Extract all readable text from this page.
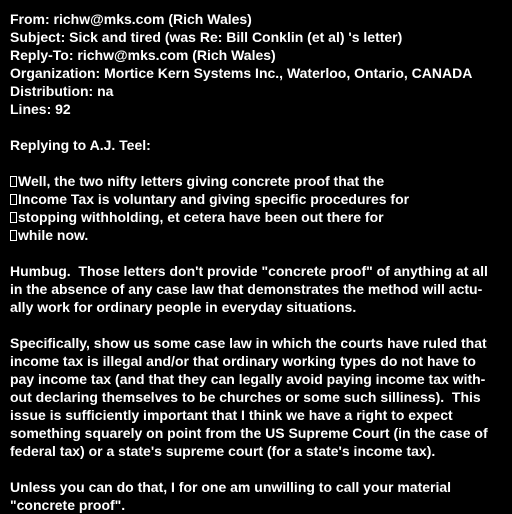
From: richw@mks.com (Rich Wales)
Subject: Sick and tired (was Re: Bill Conklin (et al) 's letter)
Reply-To: richw@mks.com (Rich Wales)
Organization: Mortice Kern Systems Inc., Waterloo, Ontario, CANADA
Distribution: na
Lines: 92
Replying to A.J. Teel:
Well, the two nifty letters giving concrete proof that the
Income Tax is voluntary and giving specific procedures for
stopping withholding, et cetera have been out there for
while now.
Humbug.  Those letters don't provide "concrete proof" of anything at all
in the absence of any case law that demonstrates the method will actu-
ally work for ordinary people in everyday situations.
Specifically, show us some case law in which the courts have ruled that
income tax is illegal and/or that ordinary working types do not have to
pay income tax (and that they can legally avoid paying income tax with-
out declaring themselves to be churches or some such silliness).  This
issue is sufficiently important that I think we have a right to expect
something squarely on point from the US Supreme Court (in the case of
federal tax) or a state's supreme court (for a state's income tax).
Unless you can do that, I for one am unwilling to call your material
"concrete proof".
